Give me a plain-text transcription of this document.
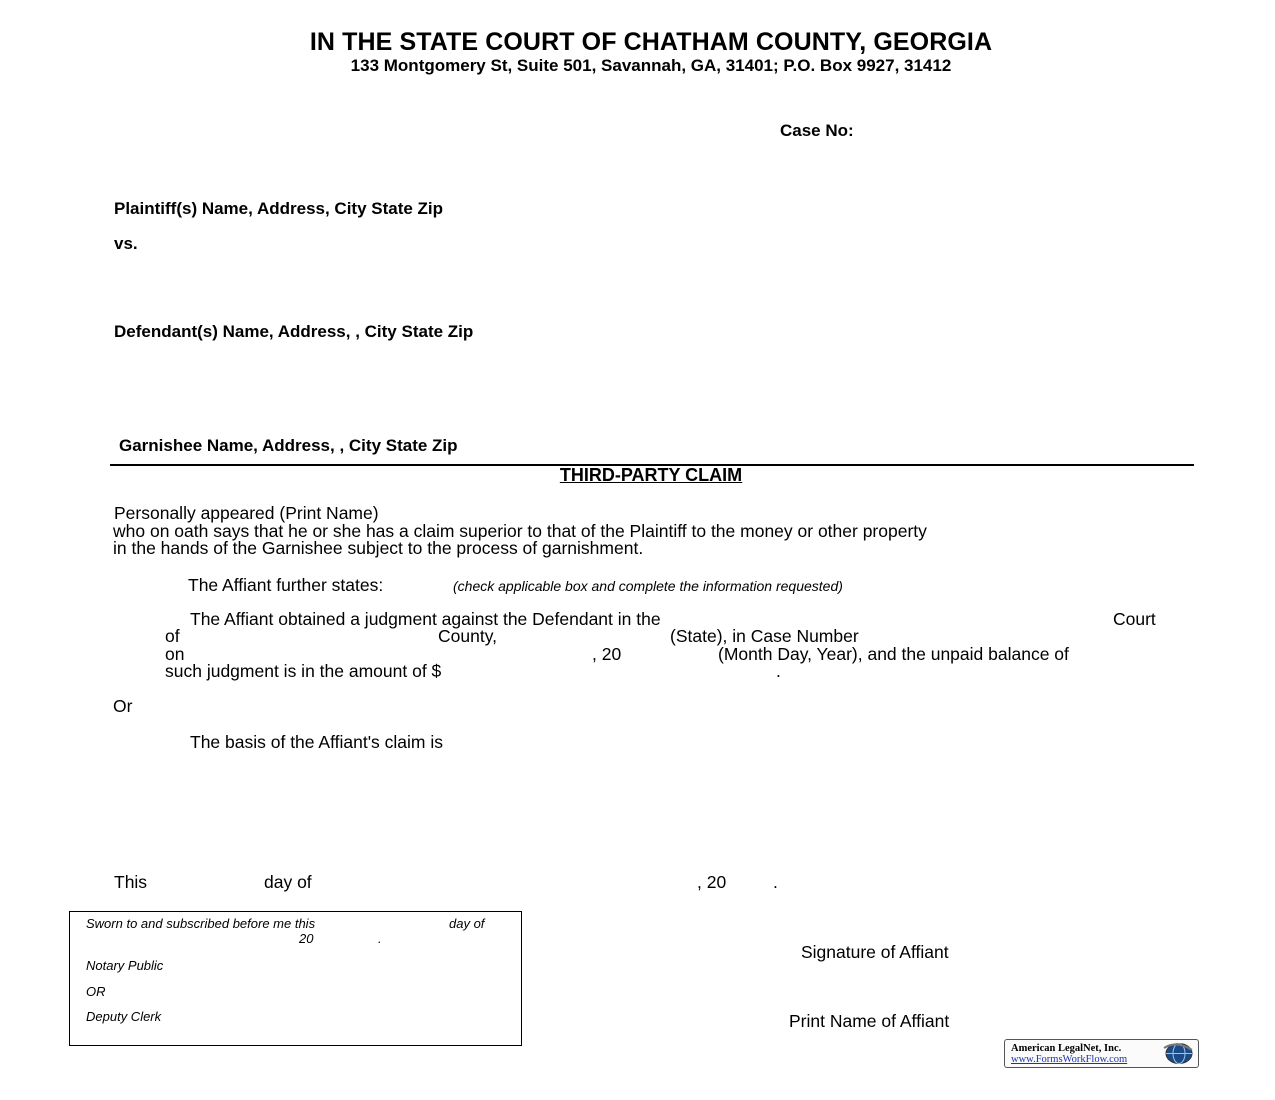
IN THE STATE COURT OF CHATHAM COUNTY, GEORGIA
133 Montgomery St, Suite 501, Savannah, GA, 31401; P.O. Box 9927, 31412
Case No:
Plaintiff(s) Name, Address, City State Zip
vs.
Defendant(s) Name, Address, , City State Zip
Garnishee Name, Address, , City State Zip
THIRD-PARTY CLAIM
Personally appeared (Print Name)
who on oath says that he or she has a claim superior to that of the Plaintiff to the money or other property
in the hands of the Garnishee subject to the process of garnishment.
The Affiant further states:	(check applicable box and complete the information requested)
The Affiant obtained a judgment against the Defendant in the	Court
of	County,	(State), in Case Number
on	, 20	(Month Day, Year), and the unpaid balance of
such judgment is in the amount of $	.
Or
The basis of the Affiant's claim is
This	day of	, 20	.
Sworn to and subscribed before me this	day of
20	.
Notary Public
OR
Deputy Clerk
Signature of Affiant
Print Name of Affiant
American LegalNet, Inc.
www.FormsWorkFlow.com
